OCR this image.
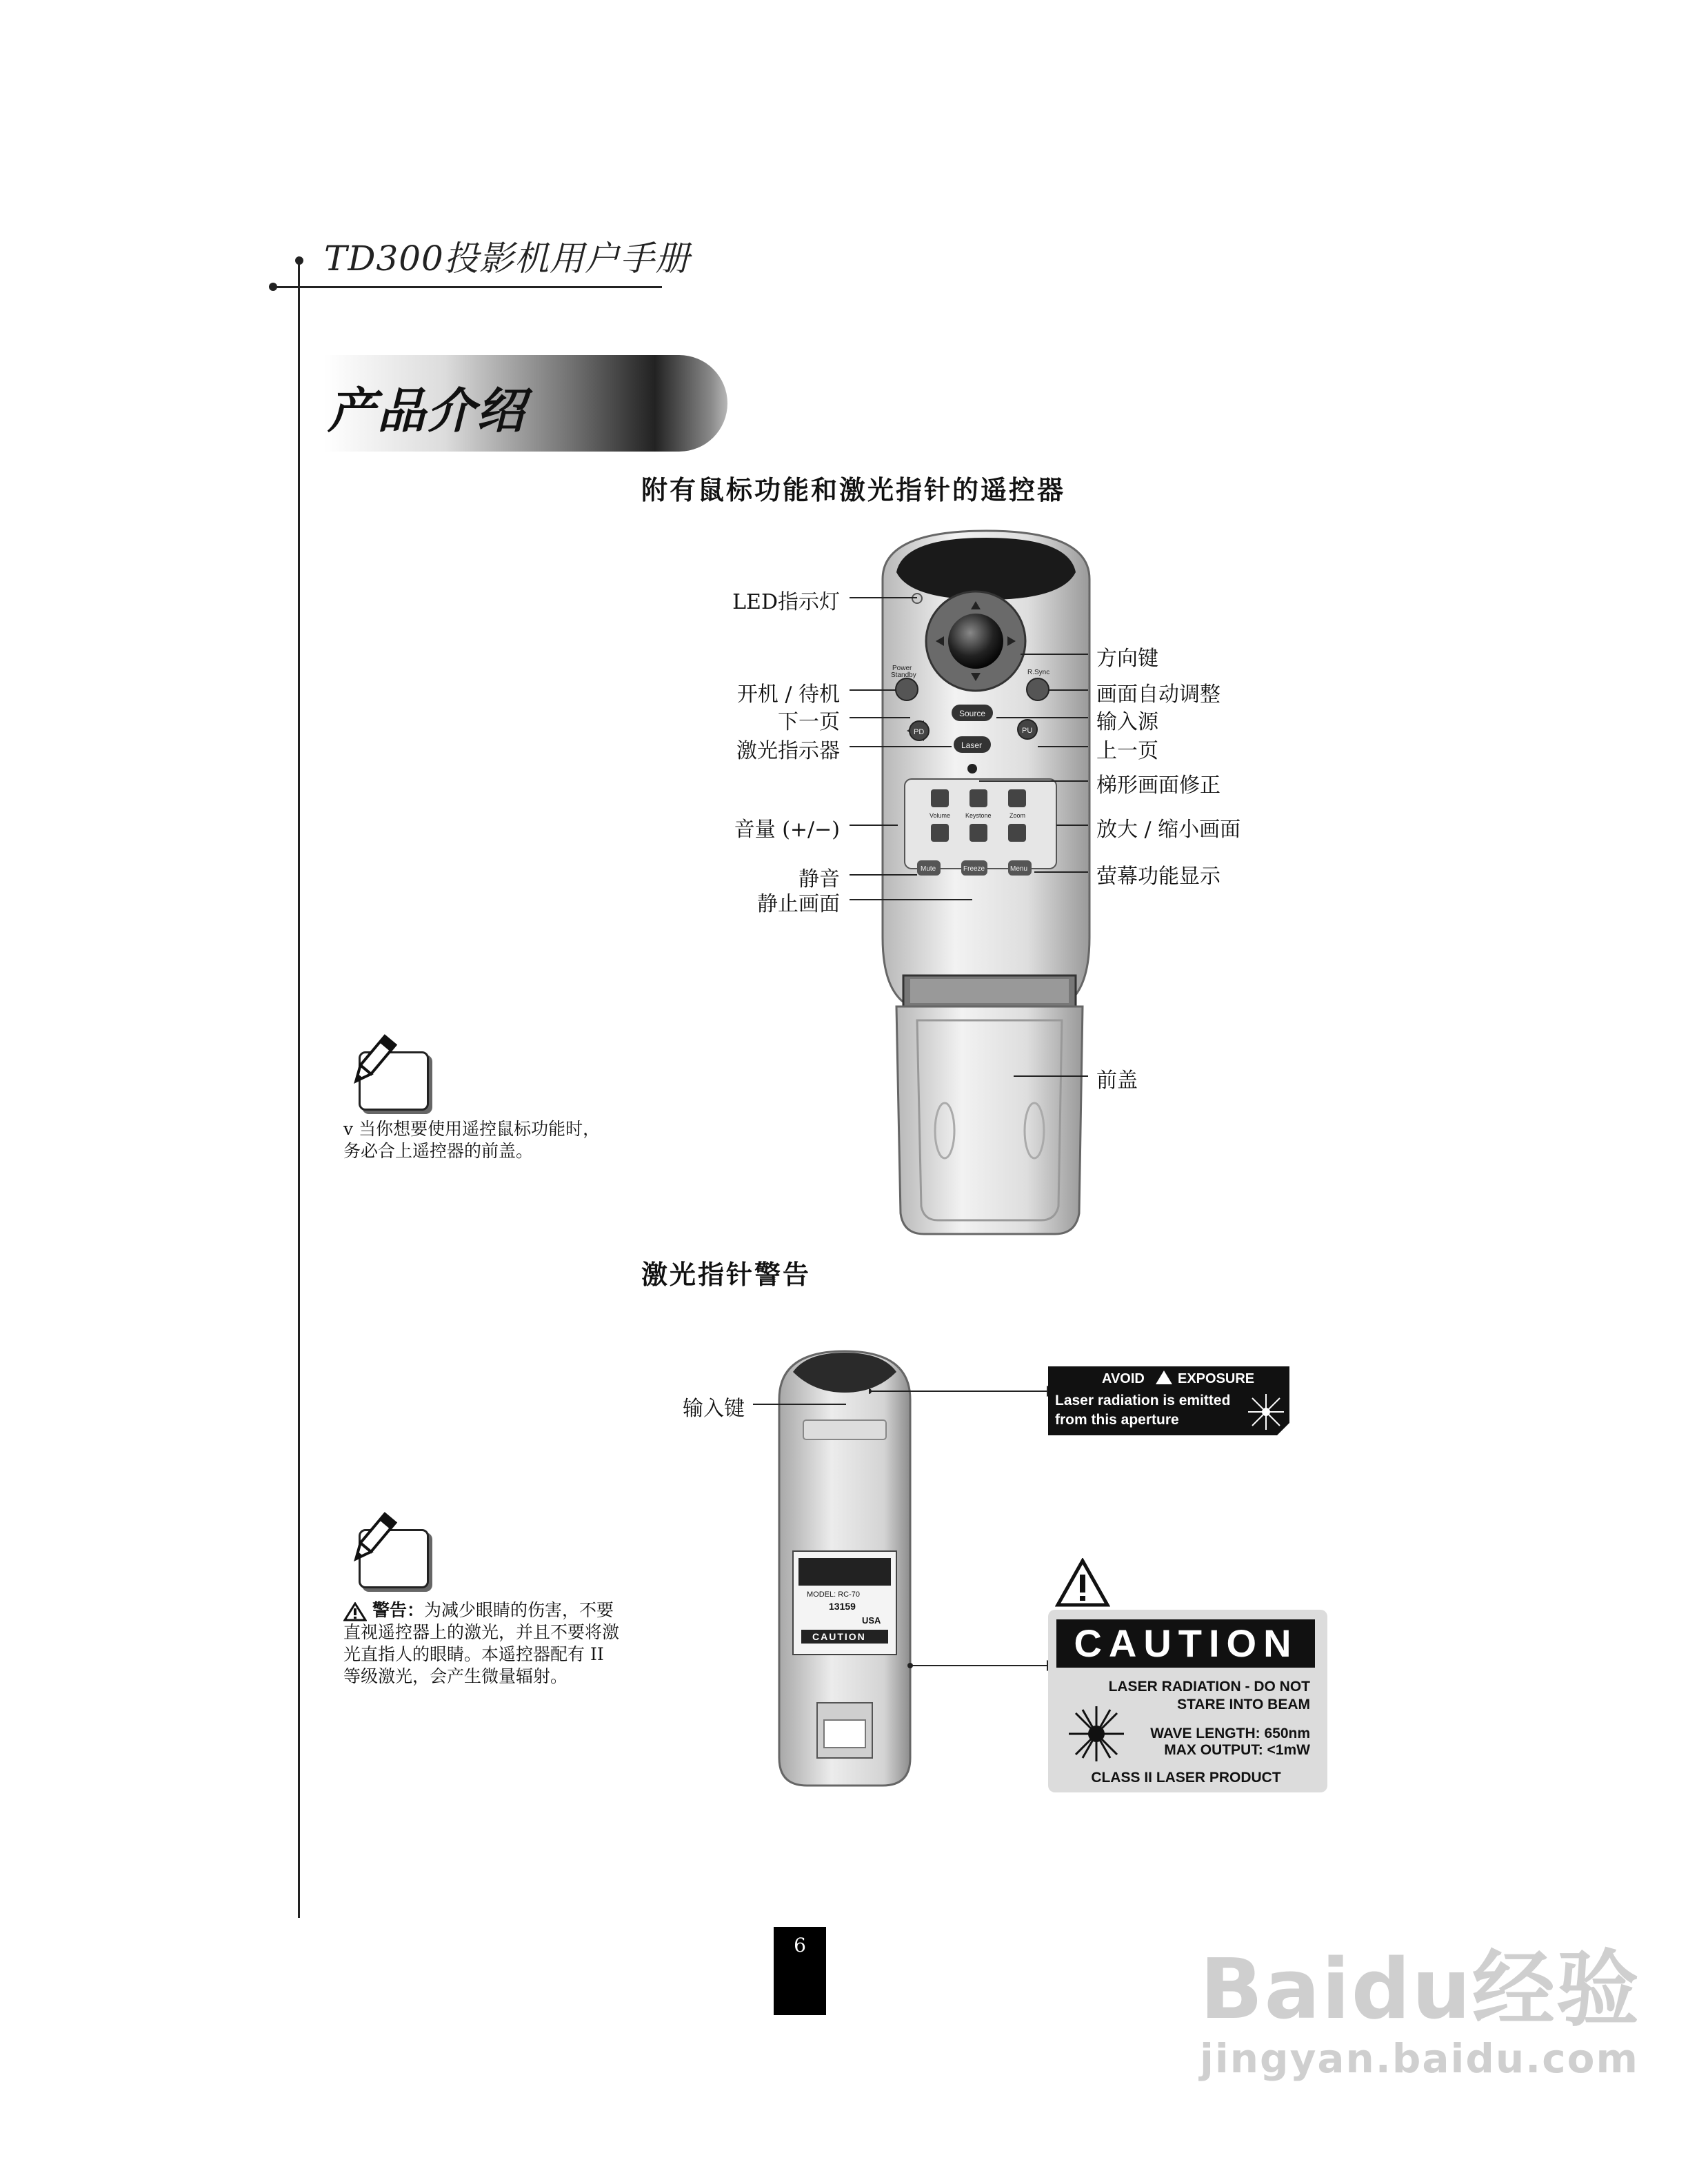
TD300投影机用户手册
产品介绍
附有鼠标功能和激光指针的遥控器
Power
Standby	R.Sync
Source
PD	PU
Laser
Volume Keystone	Zoom
Mute	Freeze	Menu
LED指示灯
开机 / 待机
下一页
激光指示器
音量 (+/−)
静音
静止画面
方向键
画面自动调整
输入源
上一页
梯形画面修正
放大 / 缩小画面
萤幕功能显示
前盖
v 当你想要使用遥控鼠标功能时，务必合上遥控器的前盖。
激光指针警告
MODEL: RC-70
13159
USA
CAUTION
输入键
AVOID EXPOSURE
Laser radiation is emitted
from this aperture
CAUTION
LASER RADIATION - DO NOT
STARE INTO BEAM
WAVE LENGTH: 650nm
MAX OUTPUT: <1mW
CLASS II LASER PRODUCT
警告：为减少眼睛的伤害，不要直视遥控器上的激光，并且不要将激光直指人的眼睛。本遥控器配有 II 等级激光，会产生微量辐射。
6	Baidu经验
jingyan.baidu.com
